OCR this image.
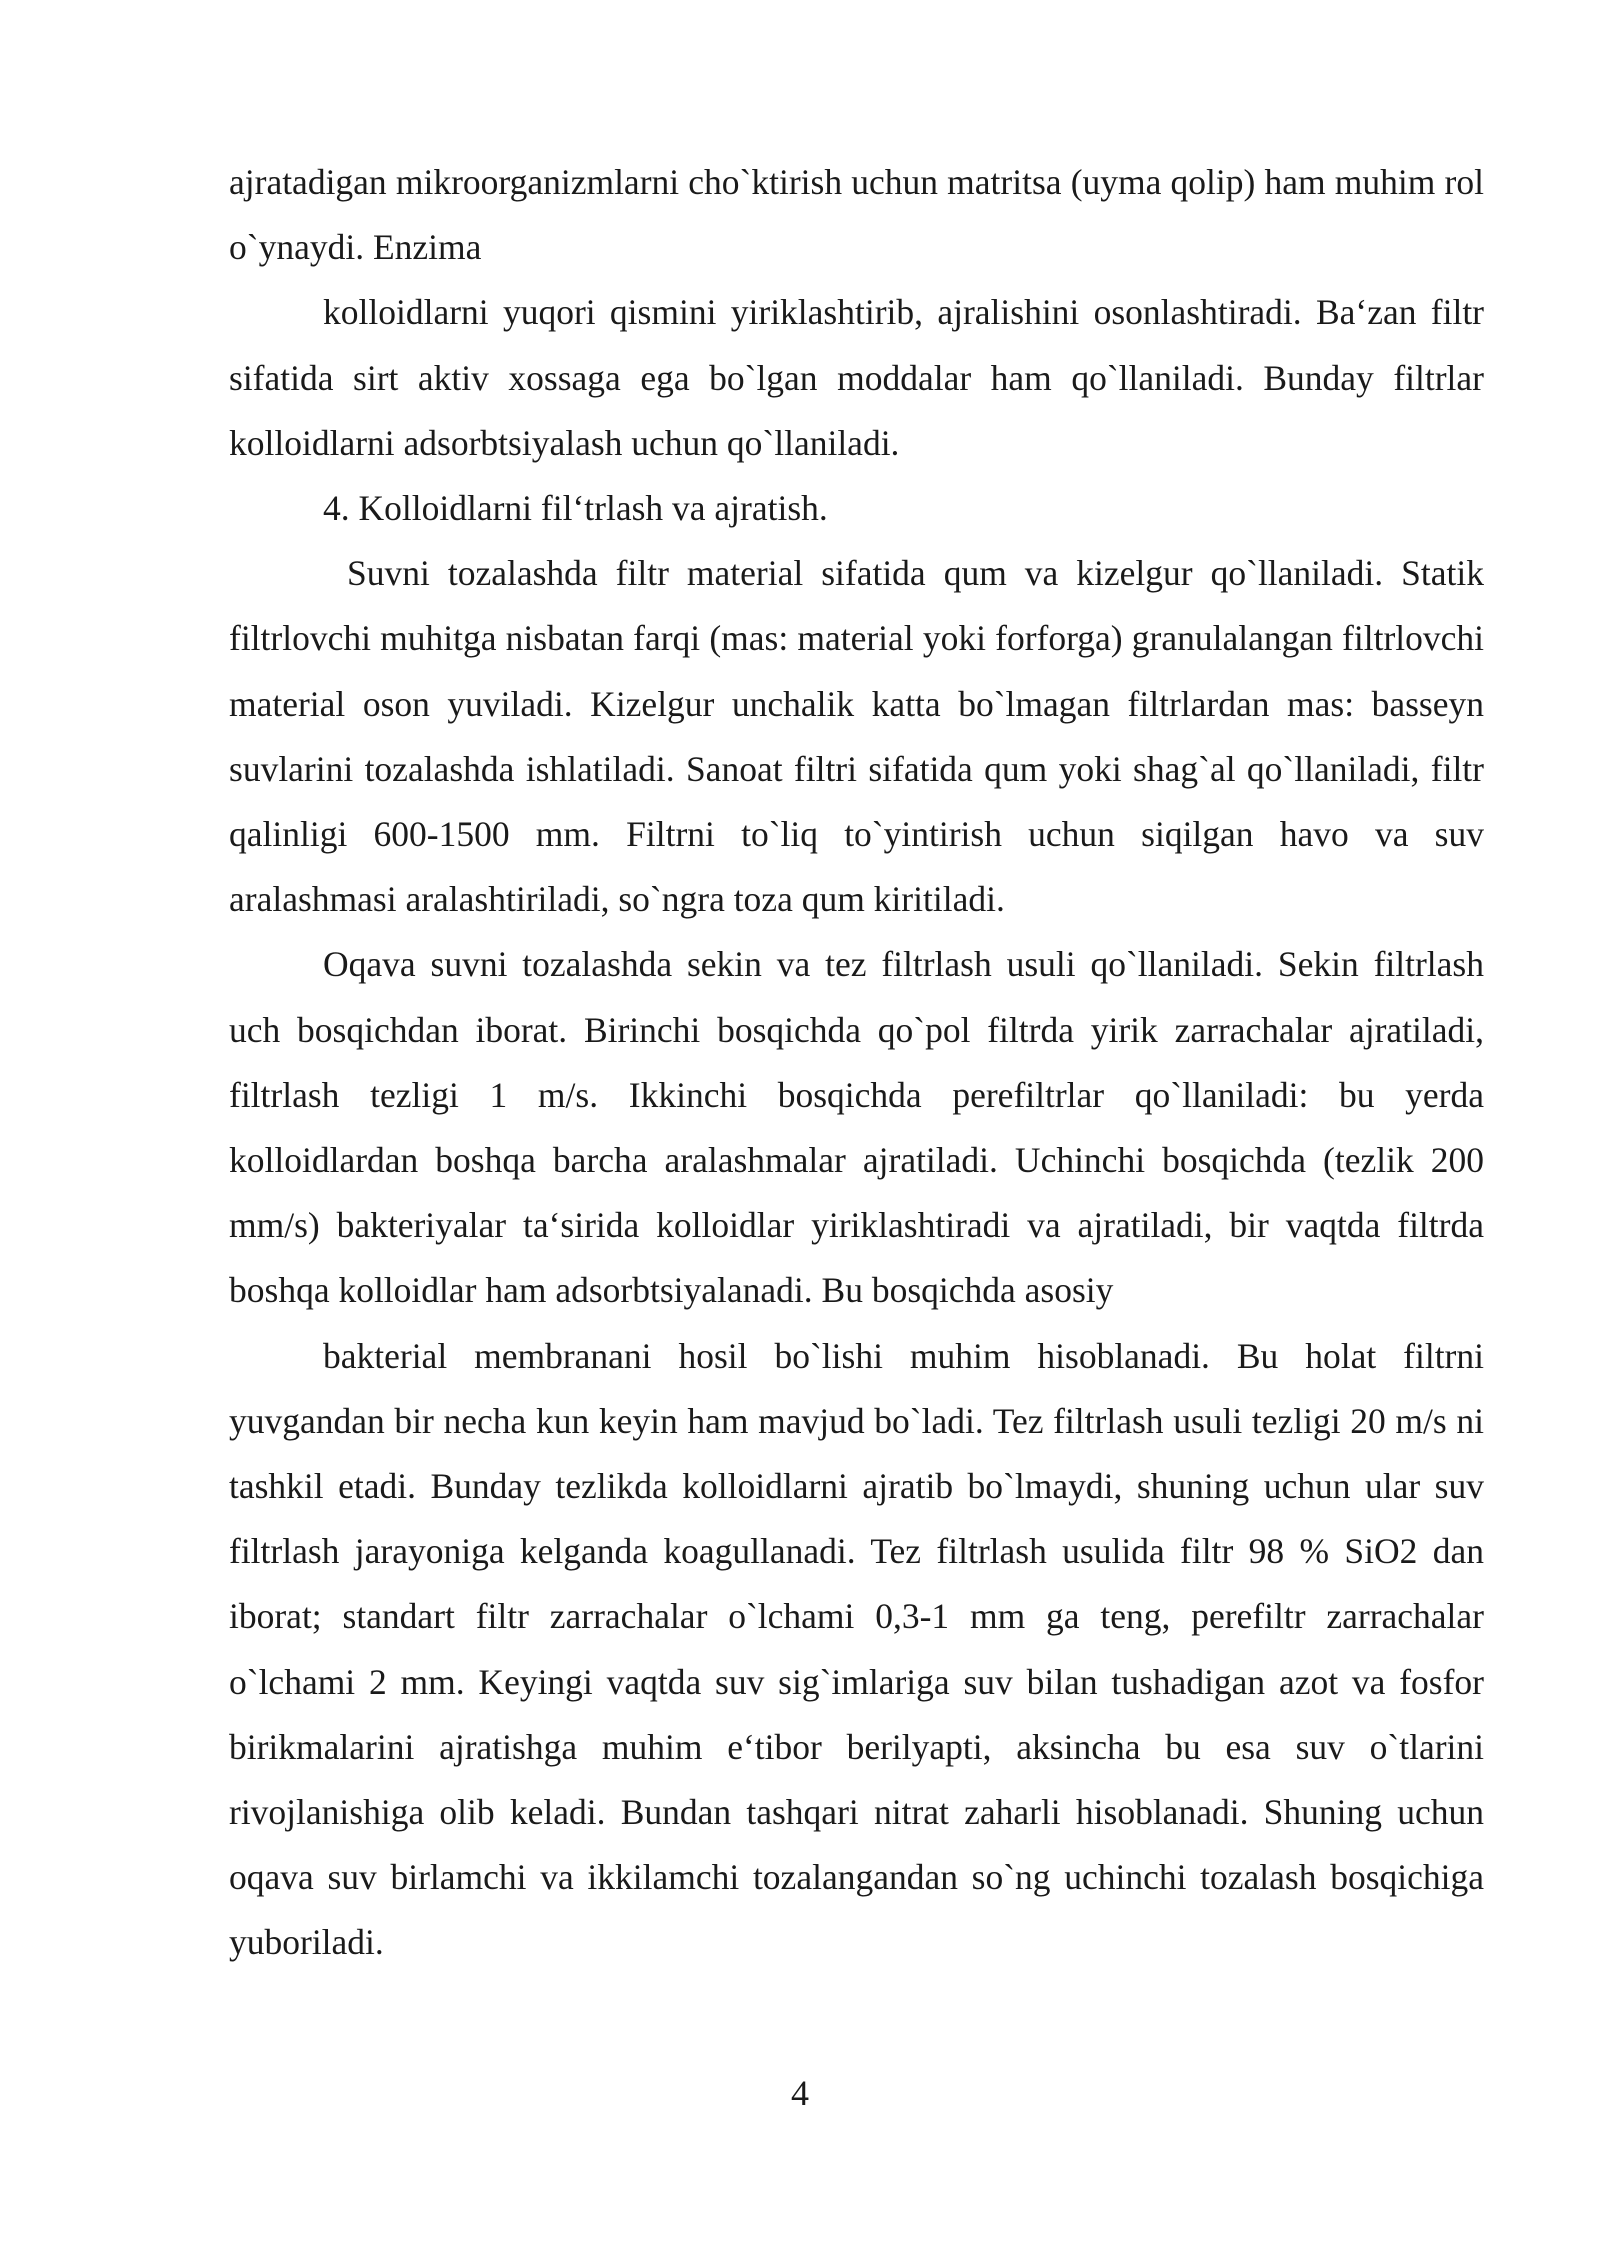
ajratadigan mikroorganizmlarni cho`ktirish uchun matritsa (uyma qolip) ham muhim rol o`ynaydi. Enzima

kolloidlarni yuqori qismini yiriklashtirib, ajralishini osonlashtiradi. Ba‘zan filtr sifatida sirt aktiv xossaga ega bo`lgan moddalar ham qo`llaniladi. Bunday filtrlar kolloidlarni adsorbtsiyalash uchun qo`llaniladi.

4. Kolloidlarni fil‘trlash va ajratish.

Suvni tozalashda filtr material sifatida qum va kizelgur qo`llaniladi. Statik filtrlovchi muhitga nisbatan farqi (mas: material yoki forforga) granulalangan filtrlovchi material oson yuviladi. Kizelgur unchalik katta bo`lmagan filtrlardan mas: basseyn suvlarini tozalashda ishlatiladi. Sanoat filtri sifatida qum yoki shag`al qo`llaniladi, filtr qalinligi 600-1500 mm. Filtrni to`liq to`yintirish uchun siqilgan havo va suv aralashmasi aralashtiriladi, so`ngra toza qum kiritiladi.

Oqava suvni tozalashda sekin va tez filtrlash usuli qo`llaniladi. Sekin filtrlash uch bosqichdan iborat. Birinchi bosqichda qo`pol filtrda yirik zarrachalar ajratiladi, filtrlash tezligi 1 m/s. Ikkinchi bosqichda perefiltrlar qo`llaniladi: bu yerda kolloidlardan boshqa barcha aralashmalar ajratiladi. Uchinchi bosqichda (tezlik 200 mm/s) bakteriyalar ta‘sirida kolloidlar yiriklashtiradi va ajratiladi, bir vaqtda filtrda boshqa kolloidlar ham adsorbtsiyalanadi. Bu bosqichda asosiy

bakterial membranani hosil bo`lishi muhim hisoblanadi. Bu holat filtrni yuvgandan bir necha kun keyin ham mavjud bo`ladi. Tez filtrlash usuli tezligi 20 m/s ni tashkil etadi. Bunday tezlikda kolloidlarni ajratib bo`lmaydi, shuning uchun ular suv filtrlash jarayoniga kelganda koagullanadi. Tez filtrlash usulida filtr 98 % SiO2 dan iborat; standart filtr zarrachalar o`lchami 0,3-1 mm ga teng, perefiltr zarrachalar o`lchami 2 mm. Keyingi vaqtda suv sig`imlariga suv bilan tushadigan azot va fosfor birikmalarini ajratishga muhim e‘tibor berilyapti, aksincha bu esa suv o`tlarini rivojlanishiga olib keladi. Bundan tashqari nitrat zaharli hisoblanadi. Shuning uchun oqava suv birlamchi va ikkilamchi tozalangandan so`ng uchinchi tozalash bosqichiga yuboriladi.

4
